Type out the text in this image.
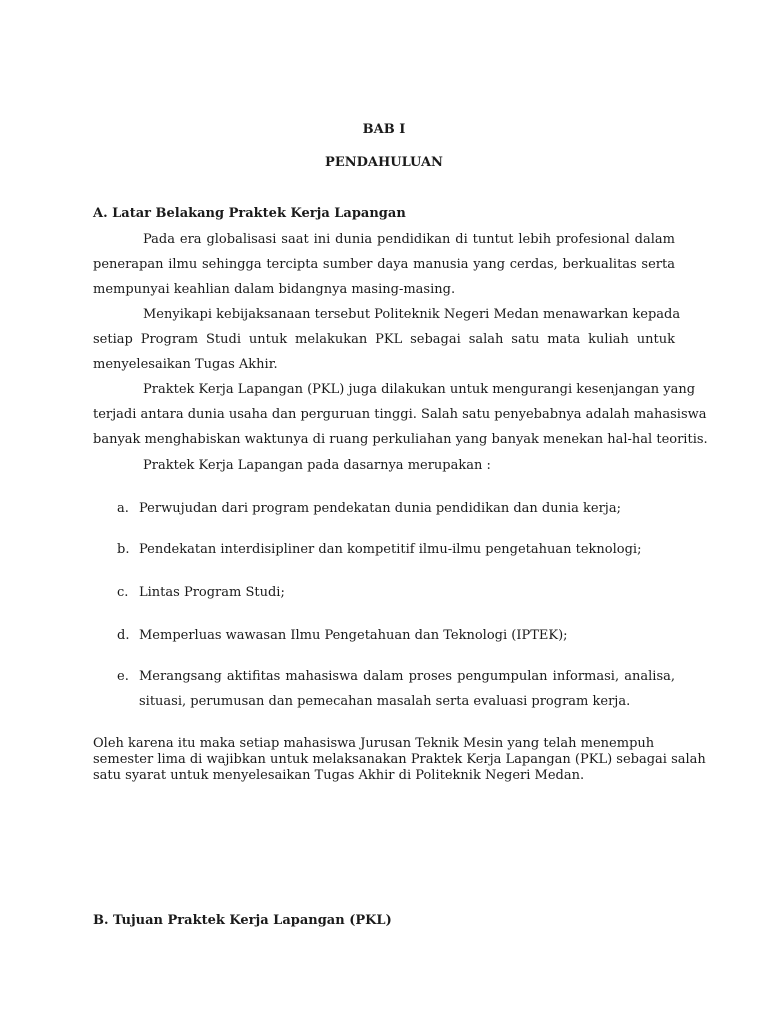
BAB I
PENDAHULUAN
A. Latar Belakang Praktek Kerja Lapangan
Pada era globalisasi saat ini dunia pendidikan di tuntut lebih profesional dalam
penerapan ilmu sehingga tercipta sumber daya manusia yang cerdas, berkualitas serta
mempunyai keahlian dalam bidangnya masing-masing.
Menyikapi kebijaksanaan tersebut Politeknik Negeri Medan menawarkan kepada
setiap Program Studi untuk melakukan PKL sebagai salah satu mata kuliah untuk
menyelesaikan Tugas Akhir.
Praktek Kerja Lapangan (PKL) juga dilakukan untuk mengurangi kesenjangan yang
terjadi antara dunia usaha dan perguruan tinggi. Salah satu penyebabnya adalah mahasiswa
banyak menghabiskan waktunya di ruang perkuliahan yang banyak menekan hal-hal teoritis.
Praktek Kerja Lapangan pada dasarnya merupakan :
a. Perwujudan dari program pendekatan dunia pendidikan dan dunia kerja;
b. Pendekatan interdisipliner dan kompetitif ilmu-ilmu pengetahuan teknologi;
c. Lintas Program Studi;
d. Memperluas wawasan Ilmu Pengetahuan dan Teknologi (IPTEK);
e. Merangsang aktifitas mahasiswa dalam proses pengumpulan informasi, analisa,
situasi, perumusan dan pemecahan masalah serta evaluasi program kerja.
Oleh karena itu maka setiap mahasiswa Jurusan Teknik Mesin yang telah menempuh
semester lima di wajibkan untuk melaksanakan Praktek Kerja Lapangan (PKL) sebagai salah
satu syarat untuk menyelesaikan Tugas Akhir di Politeknik Negeri Medan.
B. Tujuan Praktek Kerja Lapangan (PKL)
